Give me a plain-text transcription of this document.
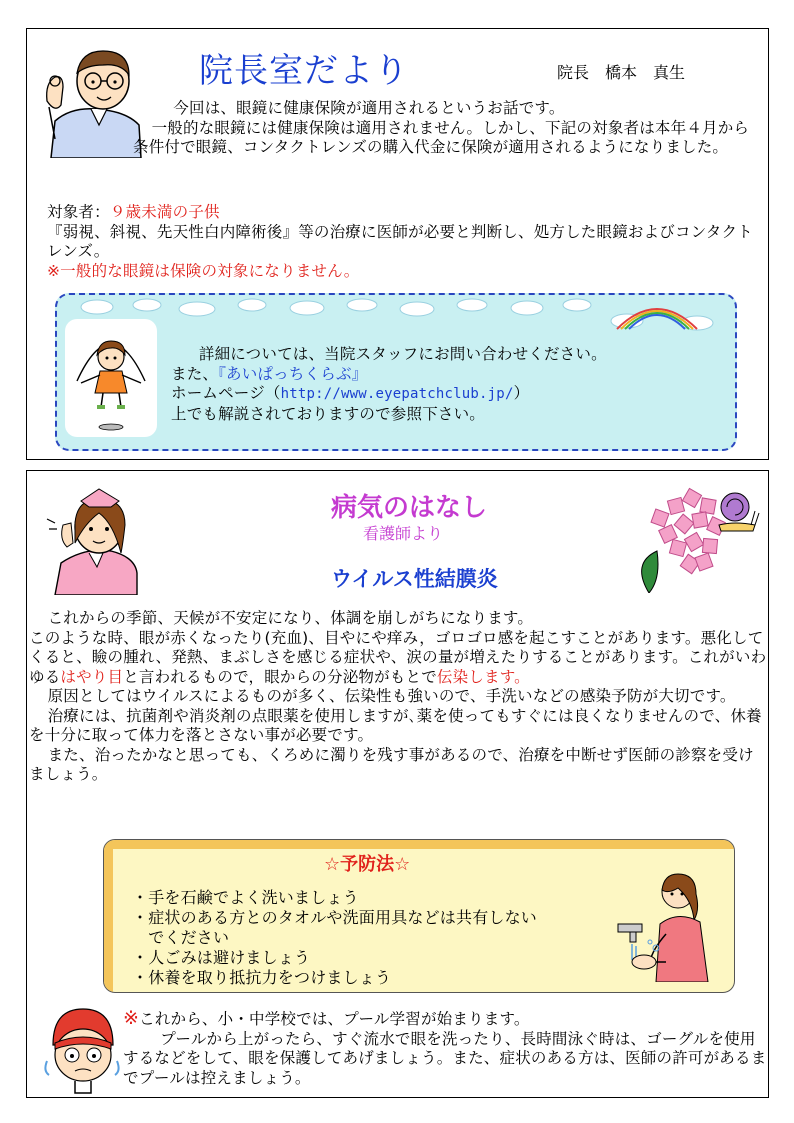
院長室だより	院長　橋本　真生

今回は、眼鏡に健康保険が適用されるというお話です。

一般的な眼鏡には健康保険は適用されません。しかし、下記の対象者は本年４月から条件付で眼鏡、コンタクトレンズの購入代金に保険が適用されるようになりました。

対象者：９歳未満の子供
『弱視、斜視、先天性白内障術後』等の治療に医師が必要と判断し、処方した眼鏡およびコンタクトレンズ。
※一般的な眼鏡は保険の対象になりません。
詳細については、当院スタッフにお問い合わせください。
また、『あいぱっちくらぶ』
ホームページ（http://www.eyepatchclub.jp/）
上でも解説されておりますので参照下さい。
病気のはなし
看護師より
ウイルス性結膜炎

これからの季節、天候が不安定になり、体調を崩しがちになります。

このような時、眼が赤くなったり(充血)、目やにや痒み，ゴロゴロ感を起こすことがあります。悪化してくると、瞼の腫れ、発熱、まぶしさを感じる症状や、涙の量が増えたりすることがあります。これがいわゆるはやり目と言われるもので，眼からの分泌物がもとで伝染します。

原因としてはウイルスによるものが多く、伝染性も強いので、手洗いなどの感染予防が大切です。

治療には、抗菌剤や消炎剤の点眼薬を使用しますが､薬を使ってもすぐには良くなりませんので、休養を十分に取って体力を落とさない事が必要です。

また、治ったかなと思っても、くろめに濁りを残す事があるので、治療を中断せず医師の診察を受けましょう。

☆予防法☆
・手を石鹸でよく洗いましょう
・症状のある方とのタオルや洗面用具などは共有しない
　でください
・人ごみは避けましょう
・休養を取り抵抗力をつけましょう
※これから、小・中学校では、プール学習が始まります。
プールから上がったら、すぐ流水で眼を洗ったり、長時間泳ぐ時は、ゴーグルを使用するなどをして、眼を保護してあげましょう。また、症状のある方は、医師の許可があるまでプールは控えましょう。
